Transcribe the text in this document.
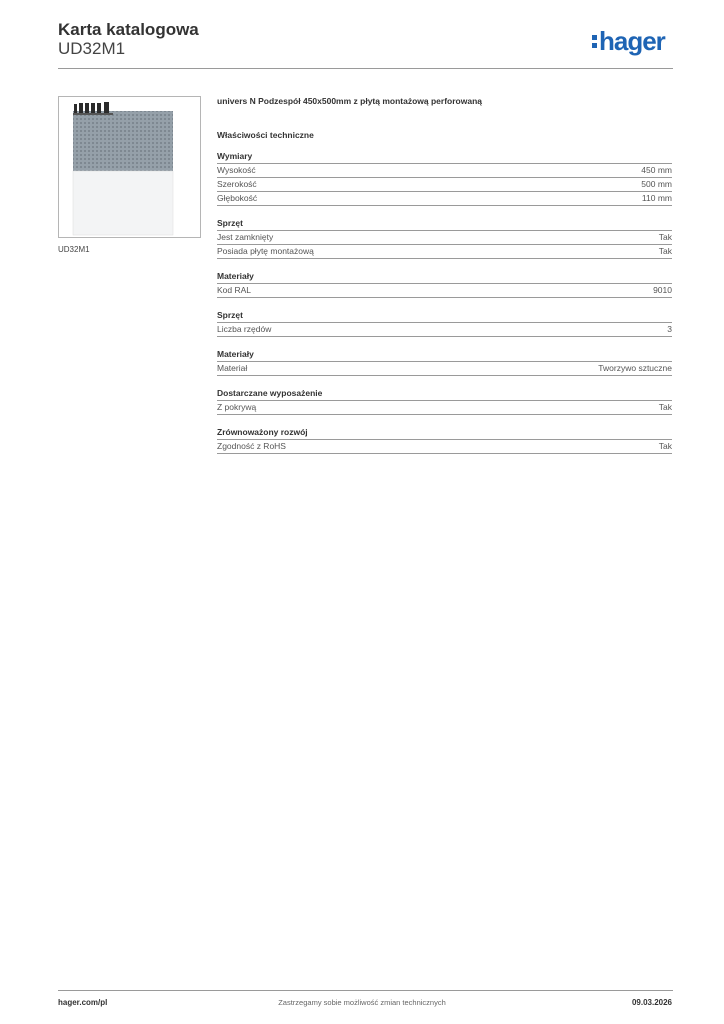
Karta katalogowa
UD32M1	hager
UD32M1
univers N Podzespół 450x500mm z płytą montażową perforowaną
Właściwości techniczne
Wymiary
Wysokość	450 mm
Szerokość	500 mm
Głębokość	110 mm
Sprzęt
Jest zamknięty	Tak
Posiada płytę montażową	Tak
Materiały
Kod RAL	9010
Sprzęt
Liczba rzędów	3
Materiały
Materiał	Tworzywo sztuczne
Dostarczane wyposażenie
Z pokrywą	Tak
Zrównoważony rozwój
Zgodność z RoHS	Tak
Zastrzegamy sobie możliwość zmian technicznych
hager.com/pl	09.03.2026
